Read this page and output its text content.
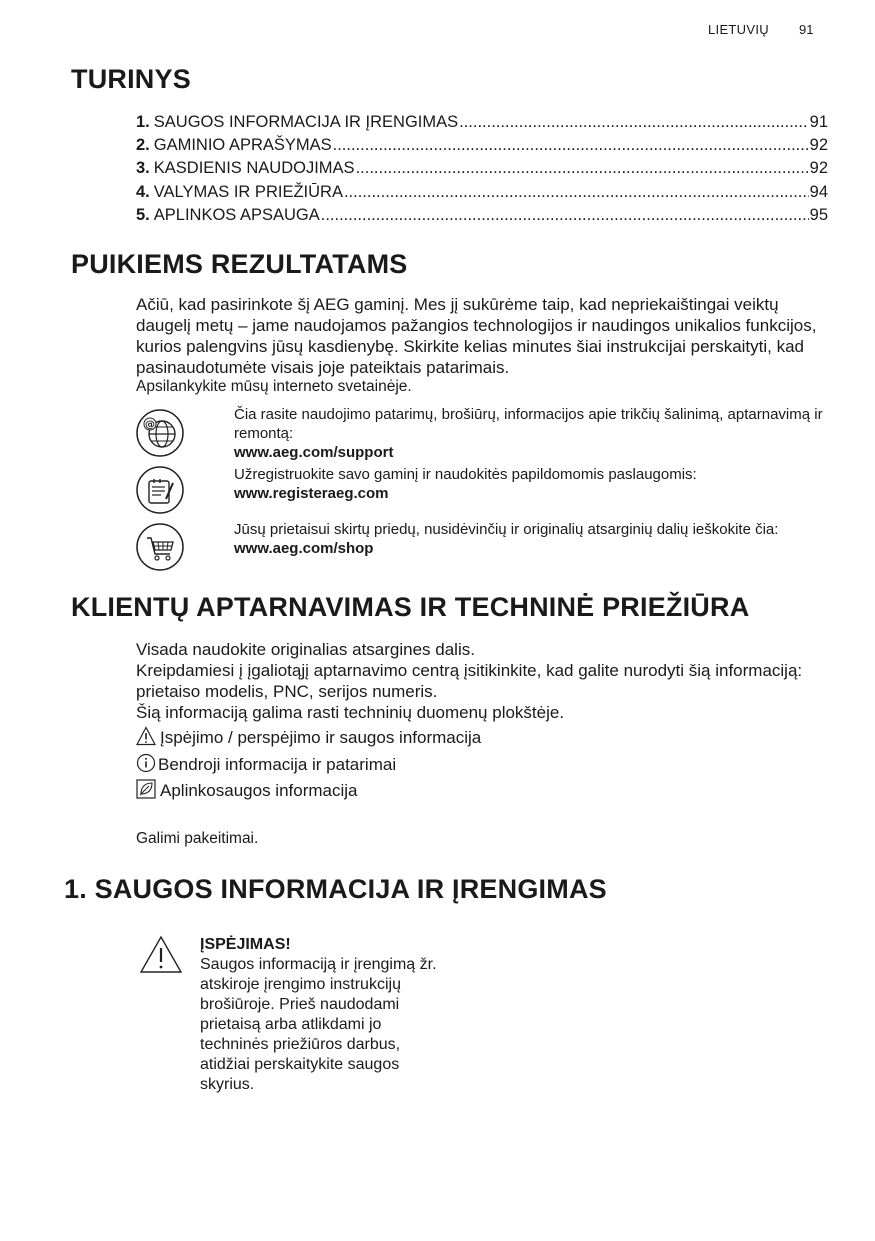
LIETUVIŲ 91
TURINYS
1. SAUGOS INFORMACIJA IR ĮRENGIMAS .....	91
2. GAMINIO APRAŠYMAS .....	92
3. KASDIENIS NAUDOJIMAS .....	92
4. VALYMAS IR PRIEŽIŪRA .....	94
5. APLINKOS APSAUGA .....	95
PUIKIEMS REZULTATAMS

Ačiū, kad pasirinkote šį AEG gaminį. Mes jį sukūrėme taip, kad nepriekaištingai veiktų daugelį metų – jame naudojamos pažangios technologijos ir naudingos unikalios funkcijos, kurios palengvins jūsų kasdienybę. Skirkite kelias minutes šiai instrukcijai perskaityti, kad pasinaudotumėte visais joje pateiktais patarimais.

Apsilankykite mūsų interneto svetainėje.
@
Čia rasite naudojimo patarimų, brošiūrų, informacijos apie trikčių šalinimą, aptarnavimą ir remontą:
www.aeg.com/support
Užregistruokite savo gaminį ir naudokitės papildomomis paslaugomis:
www.registeraeg.com
Jūsų prietaisui skirtų priedų, nusidėvinčių ir originalių atsarginių dalių ieškokite čia:
www.aeg.com/shop
KLIENTŲ APTARNAVIMAS IR TECHNINĖ PRIEŽIŪRA

Visada naudokite originalias atsargines dalis.

Kreipdamiesi į įgaliotąjį aptarnavimo centrą įsitikinkite, kad galite nurodyti šią informaciją: prietaiso modelis, PNC, serijos numeris.

Šią informaciją galima rasti techninių duomenų plokštėje.

Įspėjimo / perspėjimo ir saugos informacija
Bendroji informacija ir patarimai
Aplinkosaugos informacija
Galimi pakeitimai.
1. SAUGOS INFORMACIJA IR ĮRENGIMAS
ĮSPĖJIMAS!
Saugos informaciją ir įrengimą žr. atskiroje įrengimo instrukcijų brošiūroje. Prieš naudodami prietaisą arba atlikdami jo techninės priežiūros darbus, atidžiai perskaitykite saugos skyrius.
